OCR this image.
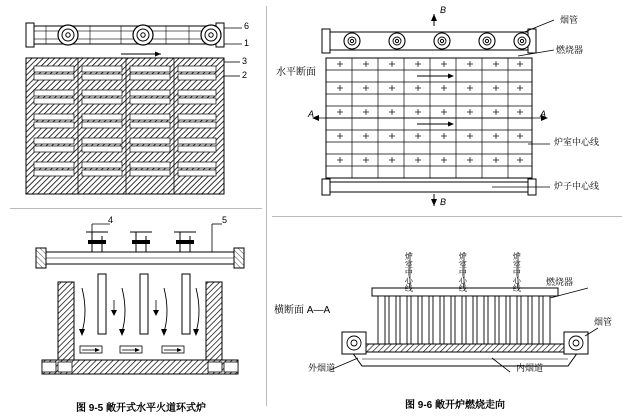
6
1
3
2
4	5
图 9-5 敞开式水平火道环式炉
水平断面
烟管
燃烧器
炉室中心线
炉子中心线
B
B
A	A
横断面 A—A
炉室中心线	炉室中心线	炉室中心线	燃烧器
烟管
外烟道	内烟道
图 9-6 敞开炉燃烧走向
